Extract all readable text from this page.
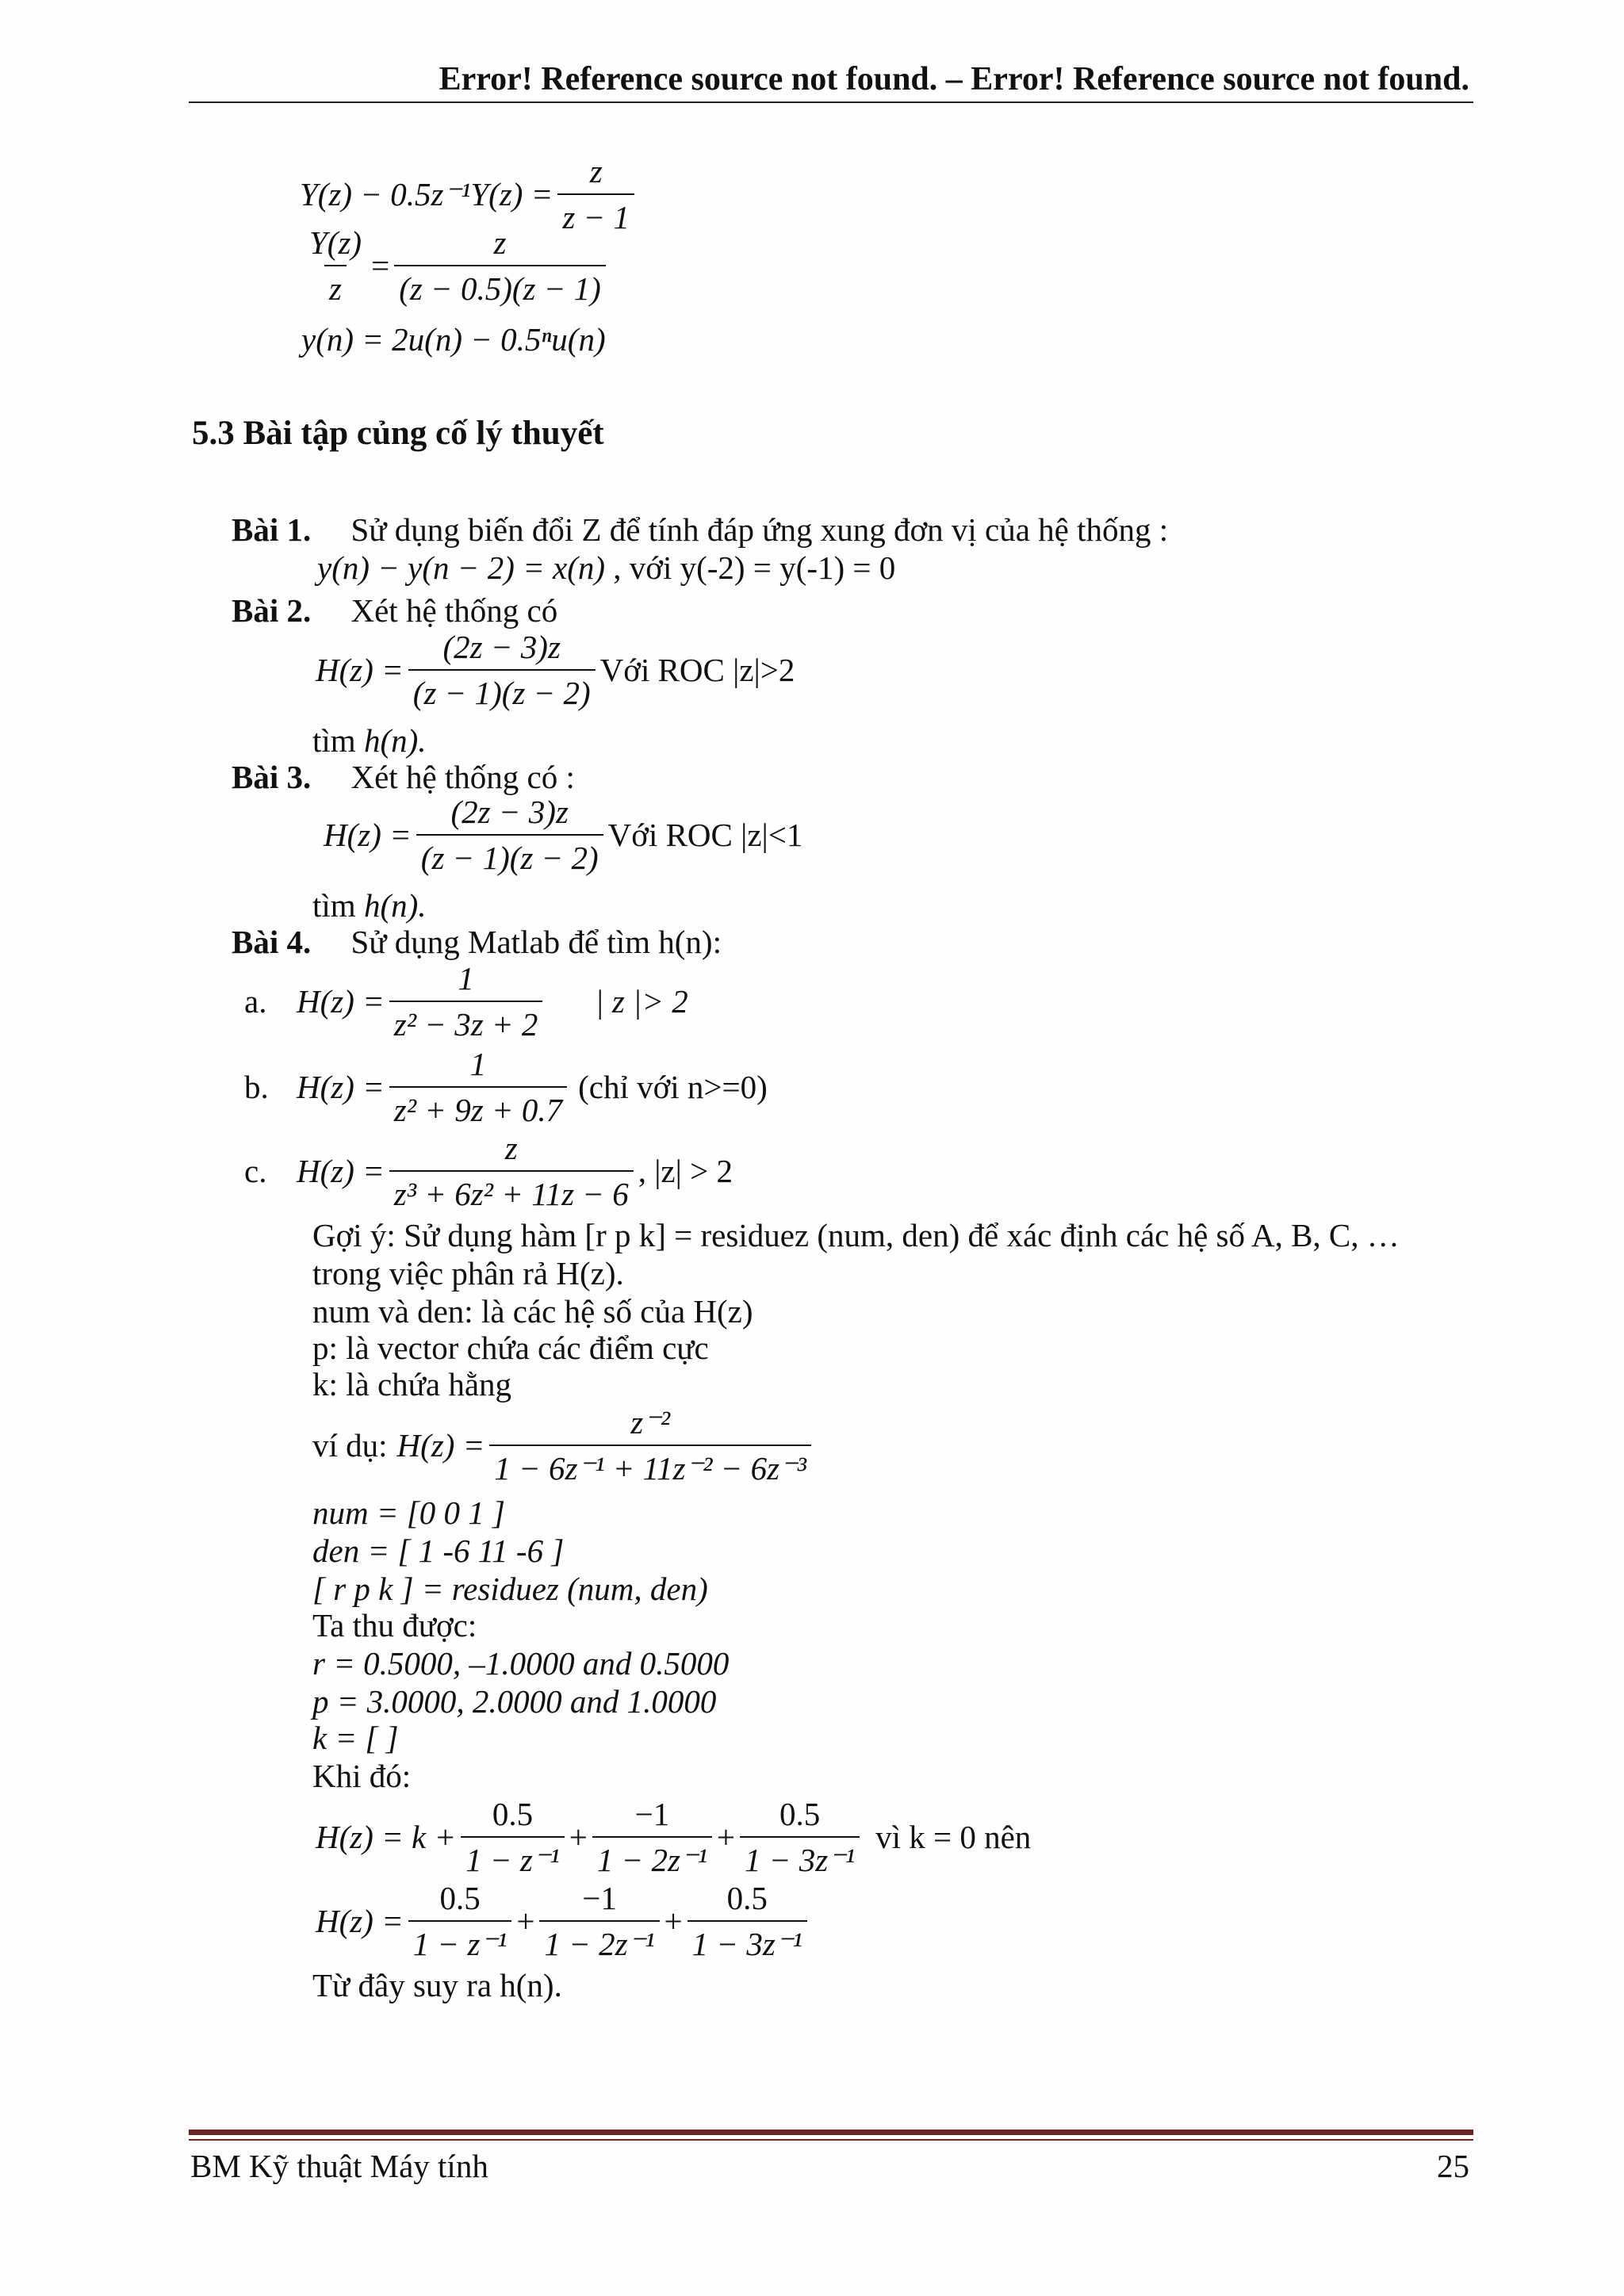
Error! Reference source not found. – Error! Reference source not found.
$Y(z) - 0.5z^{-1}Y(z) = \frac{z}{z - 1}$
$\frac{Y(z)}{z} = \frac{z}{(z - 0.5)(z - 1)}$
y(n) = 2u(n) − 0.5ⁿu(n)
5.3 Bài tập củng cố lý thuyết
Bài 1. Sử dụng biến đổi Z để tính đáp ứng xung đơn vị của hệ thống :
y(n) − y(n − 2) = x(n) , với y(-2) = y(-1) = 0
Bài 2. Xét hệ thống có
$H(z) = \frac{(2z - 3)z}{(z - 1)(z - 2)}$ Với ROC |z|>2
tìm h(n).
Bài 3. Xét hệ thống có :
$H(z) = \frac{(2z - 3)z}{(z - 1)(z - 2)}$ Với ROC |z|<1
tìm h(n).
Bài 4. Sử dụng Matlab để tìm h(n):
a. $H(z) = \frac{1}{\text{z² − 3z + 2}}$ | z |> 2
b. $H(z) = \frac{1}{\text{z² + 9z + 0.7}}$ (chỉ với n>=0)
c. $H(z) = \frac{z}{\text{z³ + 6z² + 11z − 6}}$ , |z| > 2
Gợi ý: Sử dụng hàm [r p k] = residuez (num, den) để xác định các hệ số A, B, C, …
trong việc phân rả H(z).
num và den: là các hệ số của H(z)
p: là vector chứa các điểm cực
k: là chứa hằng
ví dụ: $H(z) = \frac{\text{z⁻²}}{\text{1 − 6z⁻¹ + 11z⁻² − 6z⁻³}}$
num = [0 0 1 ]
den = [ 1 -6 11 -6 ]
[ r p k ] = residuez (num, den)
Ta thu được:
r = 0.5000, –1.0000 and 0.5000
p = 3.0000, 2.0000 and 1.0000
k = [ ]
Khi đó:
$H(z) = k + \frac{0.5}{\text{1 − z⁻¹}} + \frac{-1}{\text{1 − 2z⁻¹}} + \frac{0.5}{\text{1 − 3z⁻¹}}$ vì k = 0 nên
$H(z) = \frac{0.5}{\text{1 − z⁻¹}} + \frac{-1}{\text{1 − 2z⁻¹}} + \frac{0.5}{\text{1 − 3z⁻¹}}$
Từ đây suy ra h(n).
BM Kỹ thuật Máy tính	25
